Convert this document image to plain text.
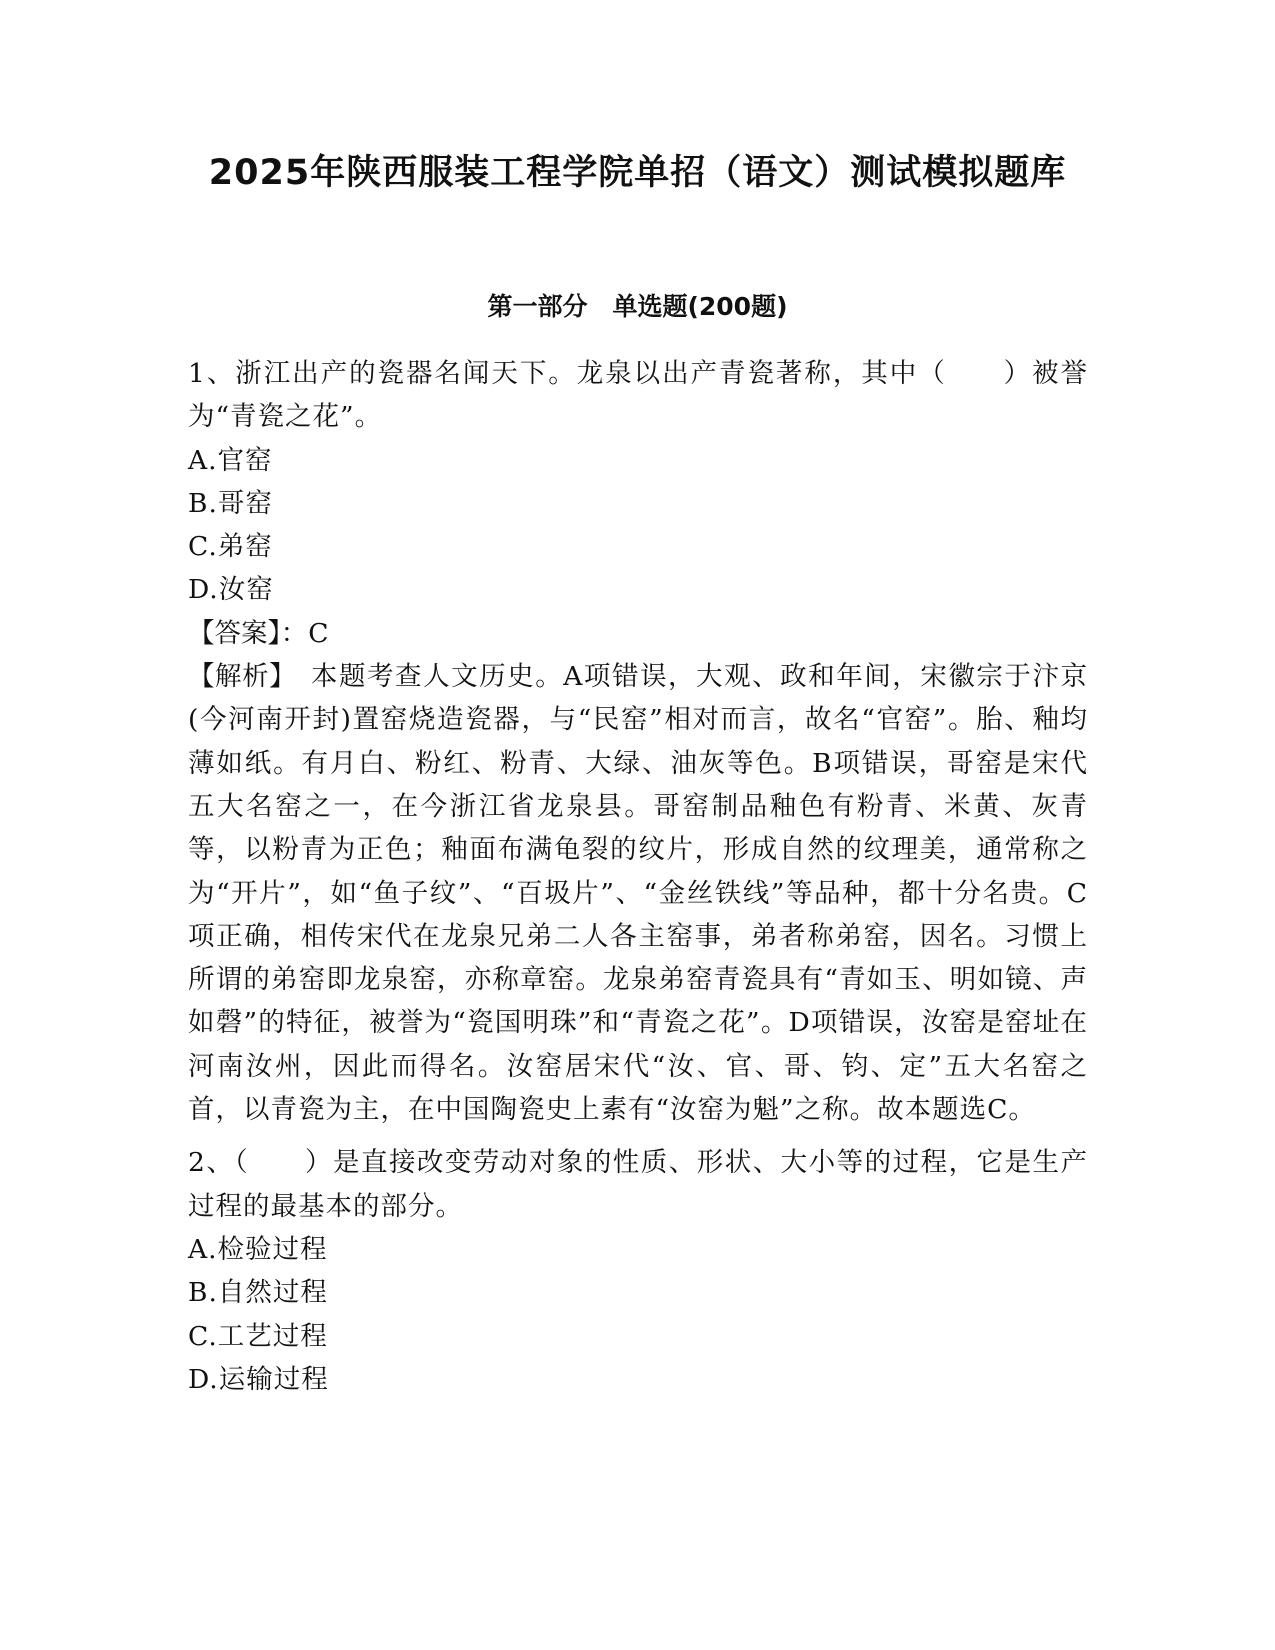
2025年陕西服装工程学院单招（语文）测试模拟题库
第一部分　单选题(200题)

1、浙江出产的瓷器名闻天下。龙泉以出产青瓷著称，其中（　　）被誉为“青瓷之花”。

A.官窑

B.哥窑

C.弟窑

D.汝窑

【答案】：C

【解析】　本题考查人文历史。A项错误，大观、政和年间，宋徽宗于汴京(今河南开封)置窑烧造瓷器，与“民窑”相对而言，故名“官窑”。胎、釉均薄如纸。有月白、粉红、粉青、大绿、油灰等色。B项错误，哥窑是宋代五大名窑之一，在今浙江省龙泉县。哥窑制品釉色有粉青、米黄、灰青等，以粉青为正色；釉面布满龟裂的纹片，形成自然的纹理美，通常称之为“开片”，如“鱼子纹”、“百圾片”、“金丝铁线”等品种，都十分名贵。C项正确，相传宋代在龙泉兄弟二人各主窑事，弟者称弟窑，因名。习惯上所谓的弟窑即龙泉窑，亦称章窑。龙泉弟窑青瓷具有“青如玉、明如镜、声如磬”的特征，被誉为“瓷国明珠”和“青瓷之花”。D项错误，汝窑是窑址在河南汝州，因此而得名。汝窑居宋代“汝、官、哥、钧、定”五大名窑之首，以青瓷为主，在中国陶瓷史上素有“汝窑为魁”之称。故本题选C。

2、（　　）是直接改变劳动对象的性质、形状、大小等的过程，它是生产过程的最基本的部分。

A.检验过程

B.自然过程

C.工艺过程

D.运输过程
